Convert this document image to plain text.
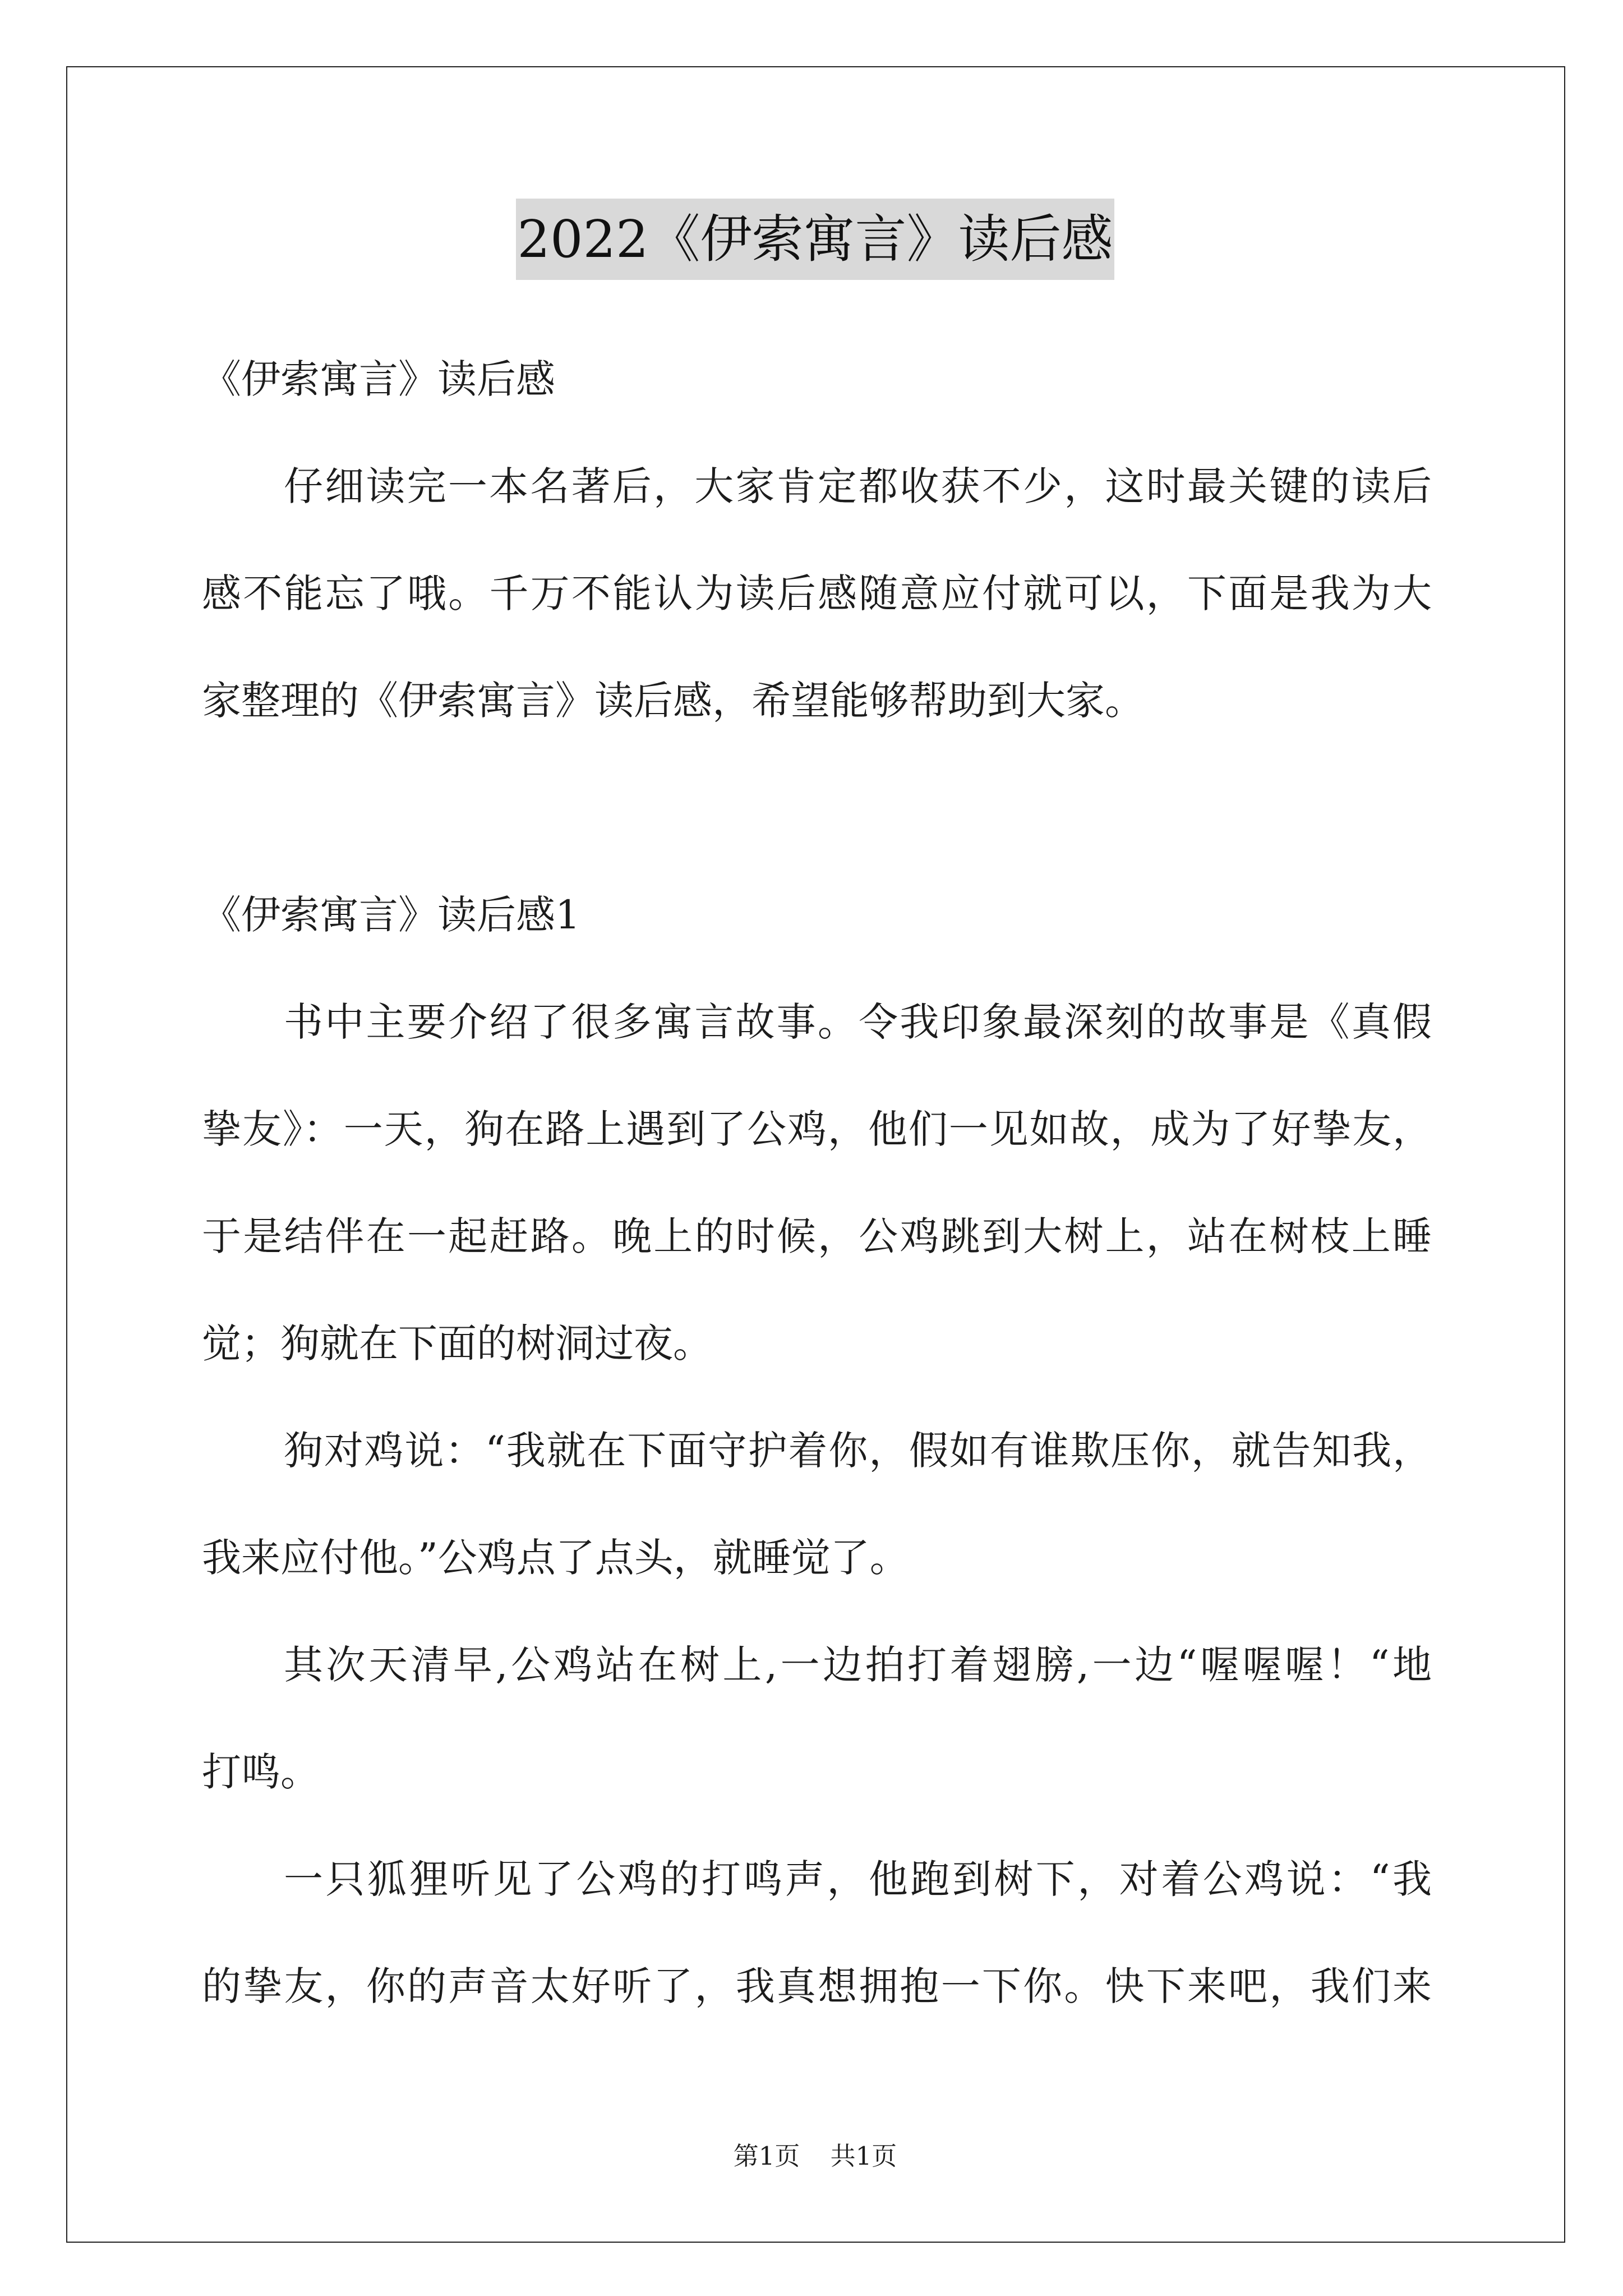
2022《伊索寓言》读后感
《伊索寓言》读后感
仔细读完一本名著后，大家肯定都收获不少，这时最关键的读后
感不能忘了哦。千万不能认为读后感随意应付就可以，下面是我为大
家整理的《伊索寓言》读后感，希望能够帮助到大家。
《伊索寓言》读后感1
书中主要介绍了很多寓言故事。令我印象最深刻的故事是《真假
挚友》：一天，狗在路上遇到了公鸡，他们一见如故，成为了好挚友，
于是结伴在一起赶路。晚上的时候，公鸡跳到大树上，站在树枝上睡
觉；狗就在下面的树洞过夜。
狗对鸡说：“我就在下面守护着你，假如有谁欺压你，就告知我，
我来应付他。”公鸡点了点头，就睡觉了。
其次天清早,公鸡站在树上,一边拍打着翅膀,一边“喔喔喔！“地
打鸣。
一只狐狸听见了公鸡的打鸣声，他跑到树下，对着公鸡说：“我
的挚友，你的声音太好听了，我真想拥抱一下你。快下来吧，我们来
第1页 共1页
